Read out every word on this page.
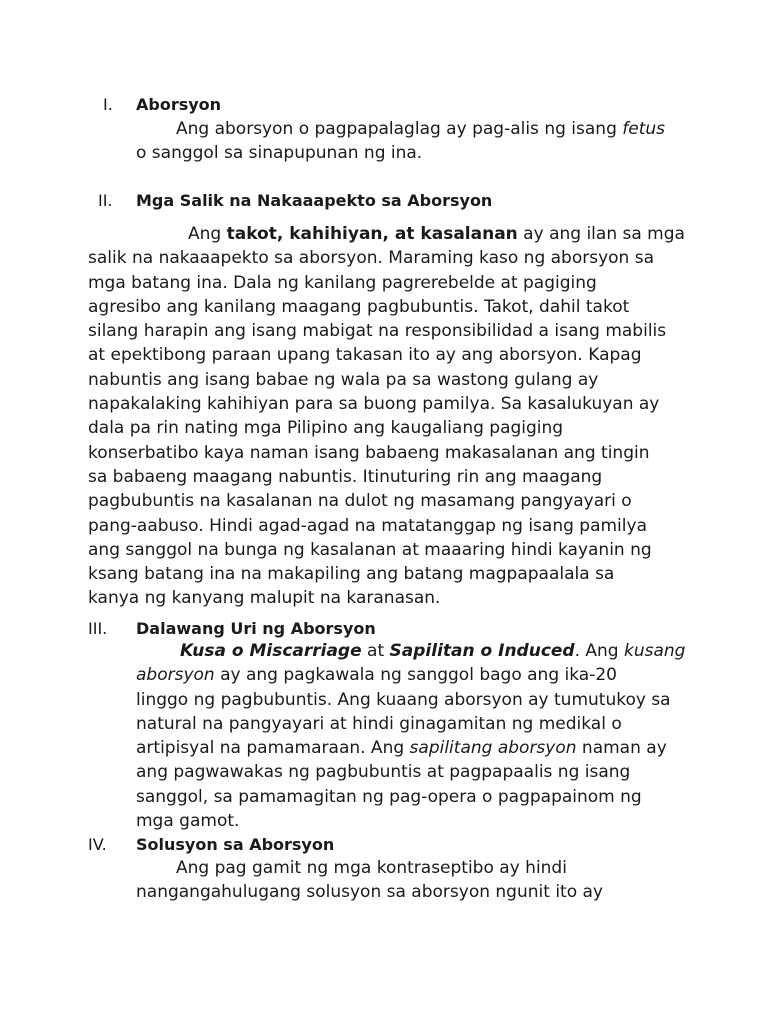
I. Aborsyon
Ang aborsyon o pagpapalaglag ay pag-alis ng isang fetus
o sanggol sa sinapupunan ng ina.
II. Mga Salik na Nakaaapekto sa Aborsyon
Ang takot, kahihiyan, at kasalanan ay ang ilan sa mga
salik na nakaaapekto sa aborsyon. Maraming kaso ng aborsyon sa
mga batang ina. Dala ng kanilang pagrerebelde at pagiging
agresibo ang kanilang maagang pagbubuntis. Takot, dahil takot
silang harapin ang isang mabigat na responsibilidad a isang mabilis
at epektibong paraan upang takasan ito ay ang aborsyon. Kapag
nabuntis ang isang babae ng wala pa sa wastong gulang ay
napakalaking kahihiyan para sa buong pamilya. Sa kasalukuyan ay
dala pa rin nating mga Pilipino ang kaugaliang pagiging
konserbatibo kaya naman isang babaeng makasalanan ang tingin
sa babaeng maagang nabuntis. Itinuturing rin ang maagang
pagbubuntis na kasalanan na dulot ng masamang pangyayari o
pang-aabuso. Hindi agad-agad na matatanggap ng isang pamilya
ang sanggol na bunga ng kasalanan at maaaring hindi kayanin ng
ksang batang ina na makapiling ang batang magpapaalala sa
kanya ng kanyang malupit na karanasan.
III. Dalawang Uri ng Aborsyon
Kusa o Miscarriage at Sapilitan o Induced. Ang kusang
aborsyon ay ang pagkawala ng sanggol bago ang ika-20
linggo ng pagbubuntis. Ang kuaang aborsyon ay tumutukoy sa
natural na pangyayari at hindi ginagamitan ng medikal o
artipisyal na pamamaraan. Ang sapilitang aborsyon naman ay
ang pagwawakas ng pagbubuntis at pagpapaalis ng isang
sanggol, sa pamamagitan ng pag-opera o pagpapainom ng
mga gamot.
IV. Solusyon sa Aborsyon
Ang pag gamit ng mga kontraseptibo ay hindi
nangangahulugang solusyon sa aborsyon ngunit ito ay
